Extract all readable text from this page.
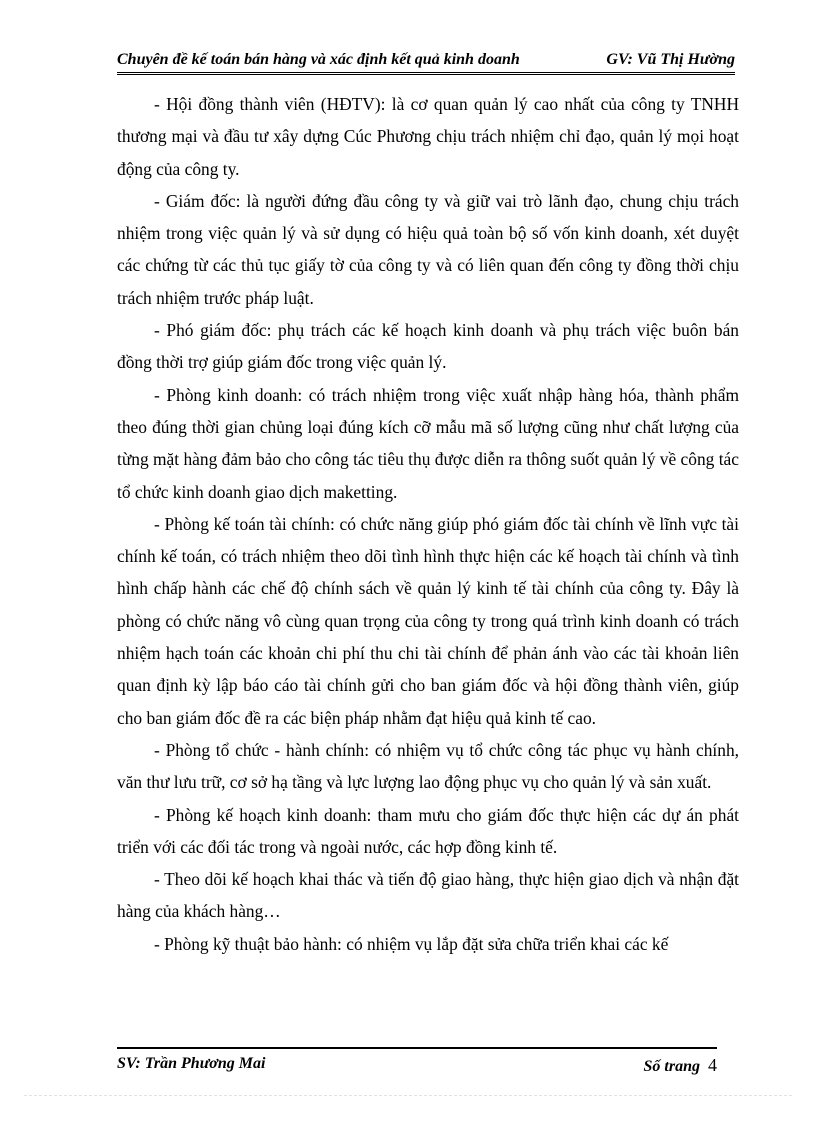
Chuyên đề kế toán bán hàng và xác định kết quả kinh doanh	GV: Vũ Thị Hường

- Hội đồng thành viên (HĐTV): là cơ quan quản lý cao nhất của công ty TNHH thương mại và đầu tư xây dựng Cúc Phương chịu trách nhiệm chỉ đạo, quản lý mọi hoạt động của công ty.

- Giám đốc: là người đứng đầu công ty và giữ vai trò lãnh đạo, chung chịu trách nhiệm trong việc quản lý và sử dụng có hiệu quả toàn bộ số vốn kinh doanh, xét duyệt các chứng từ các thủ tục giấy tờ của công ty và có liên quan đến công ty đồng thời chịu trách nhiệm trước pháp luật.

- Phó giám đốc: phụ trách các kế hoạch kinh doanh và phụ trách việc buôn bán đồng thời trợ giúp giám đốc trong việc quản lý.

- Phòng kinh doanh: có trách nhiệm trong việc xuất nhập hàng hóa, thành phẩm theo đúng thời gian chủng loại đúng kích cỡ mẫu mã số lượng cũng như chất lượng của từng mặt hàng đảm bảo cho công tác tiêu thụ được diễn ra thông suốt quản lý về công tác tổ chức kinh doanh giao dịch maketting.

- Phòng kế toán tài chính: có chức năng giúp phó giám đốc tài chính về lĩnh vực tài chính kế toán, có trách nhiệm theo dõi tình hình thực hiện các kế hoạch tài chính và tình hình chấp hành các chế độ chính sách về quản lý kinh tế tài chính của công ty. Đây là phòng có chức năng vô cùng quan trọng của công ty trong quá trình kinh doanh có trách nhiệm hạch toán các khoản chi phí thu chi tài chính để phản ánh vào các tài khoản liên quan định kỳ lập báo cáo tài chính gửi cho ban giám đốc và hội đồng thành viên, giúp cho ban giám đốc đề ra các biện pháp nhằm đạt hiệu quả kinh tế cao.

- Phòng tổ chức - hành chính: có nhiệm vụ tổ chức công tác phục vụ hành chính, văn thư lưu trữ, cơ sở hạ tầng và lực lượng lao động phục vụ cho quản lý và sản xuất.

- Phòng kế hoạch kinh doanh: tham mưu cho giám đốc thực hiện các dự án phát triển với các đối tác trong và ngoài nước, các hợp đồng kinh tế.

- Theo dõi kế hoạch khai thác và tiến độ giao hàng, thực hiện giao dịch và nhận đặt hàng của khách hàng…

- Phòng kỹ thuật bảo hành: có nhiệm vụ lắp đặt sửa chữa triển khai các kế

SV: Trần Phương Mai	Số trang 4
